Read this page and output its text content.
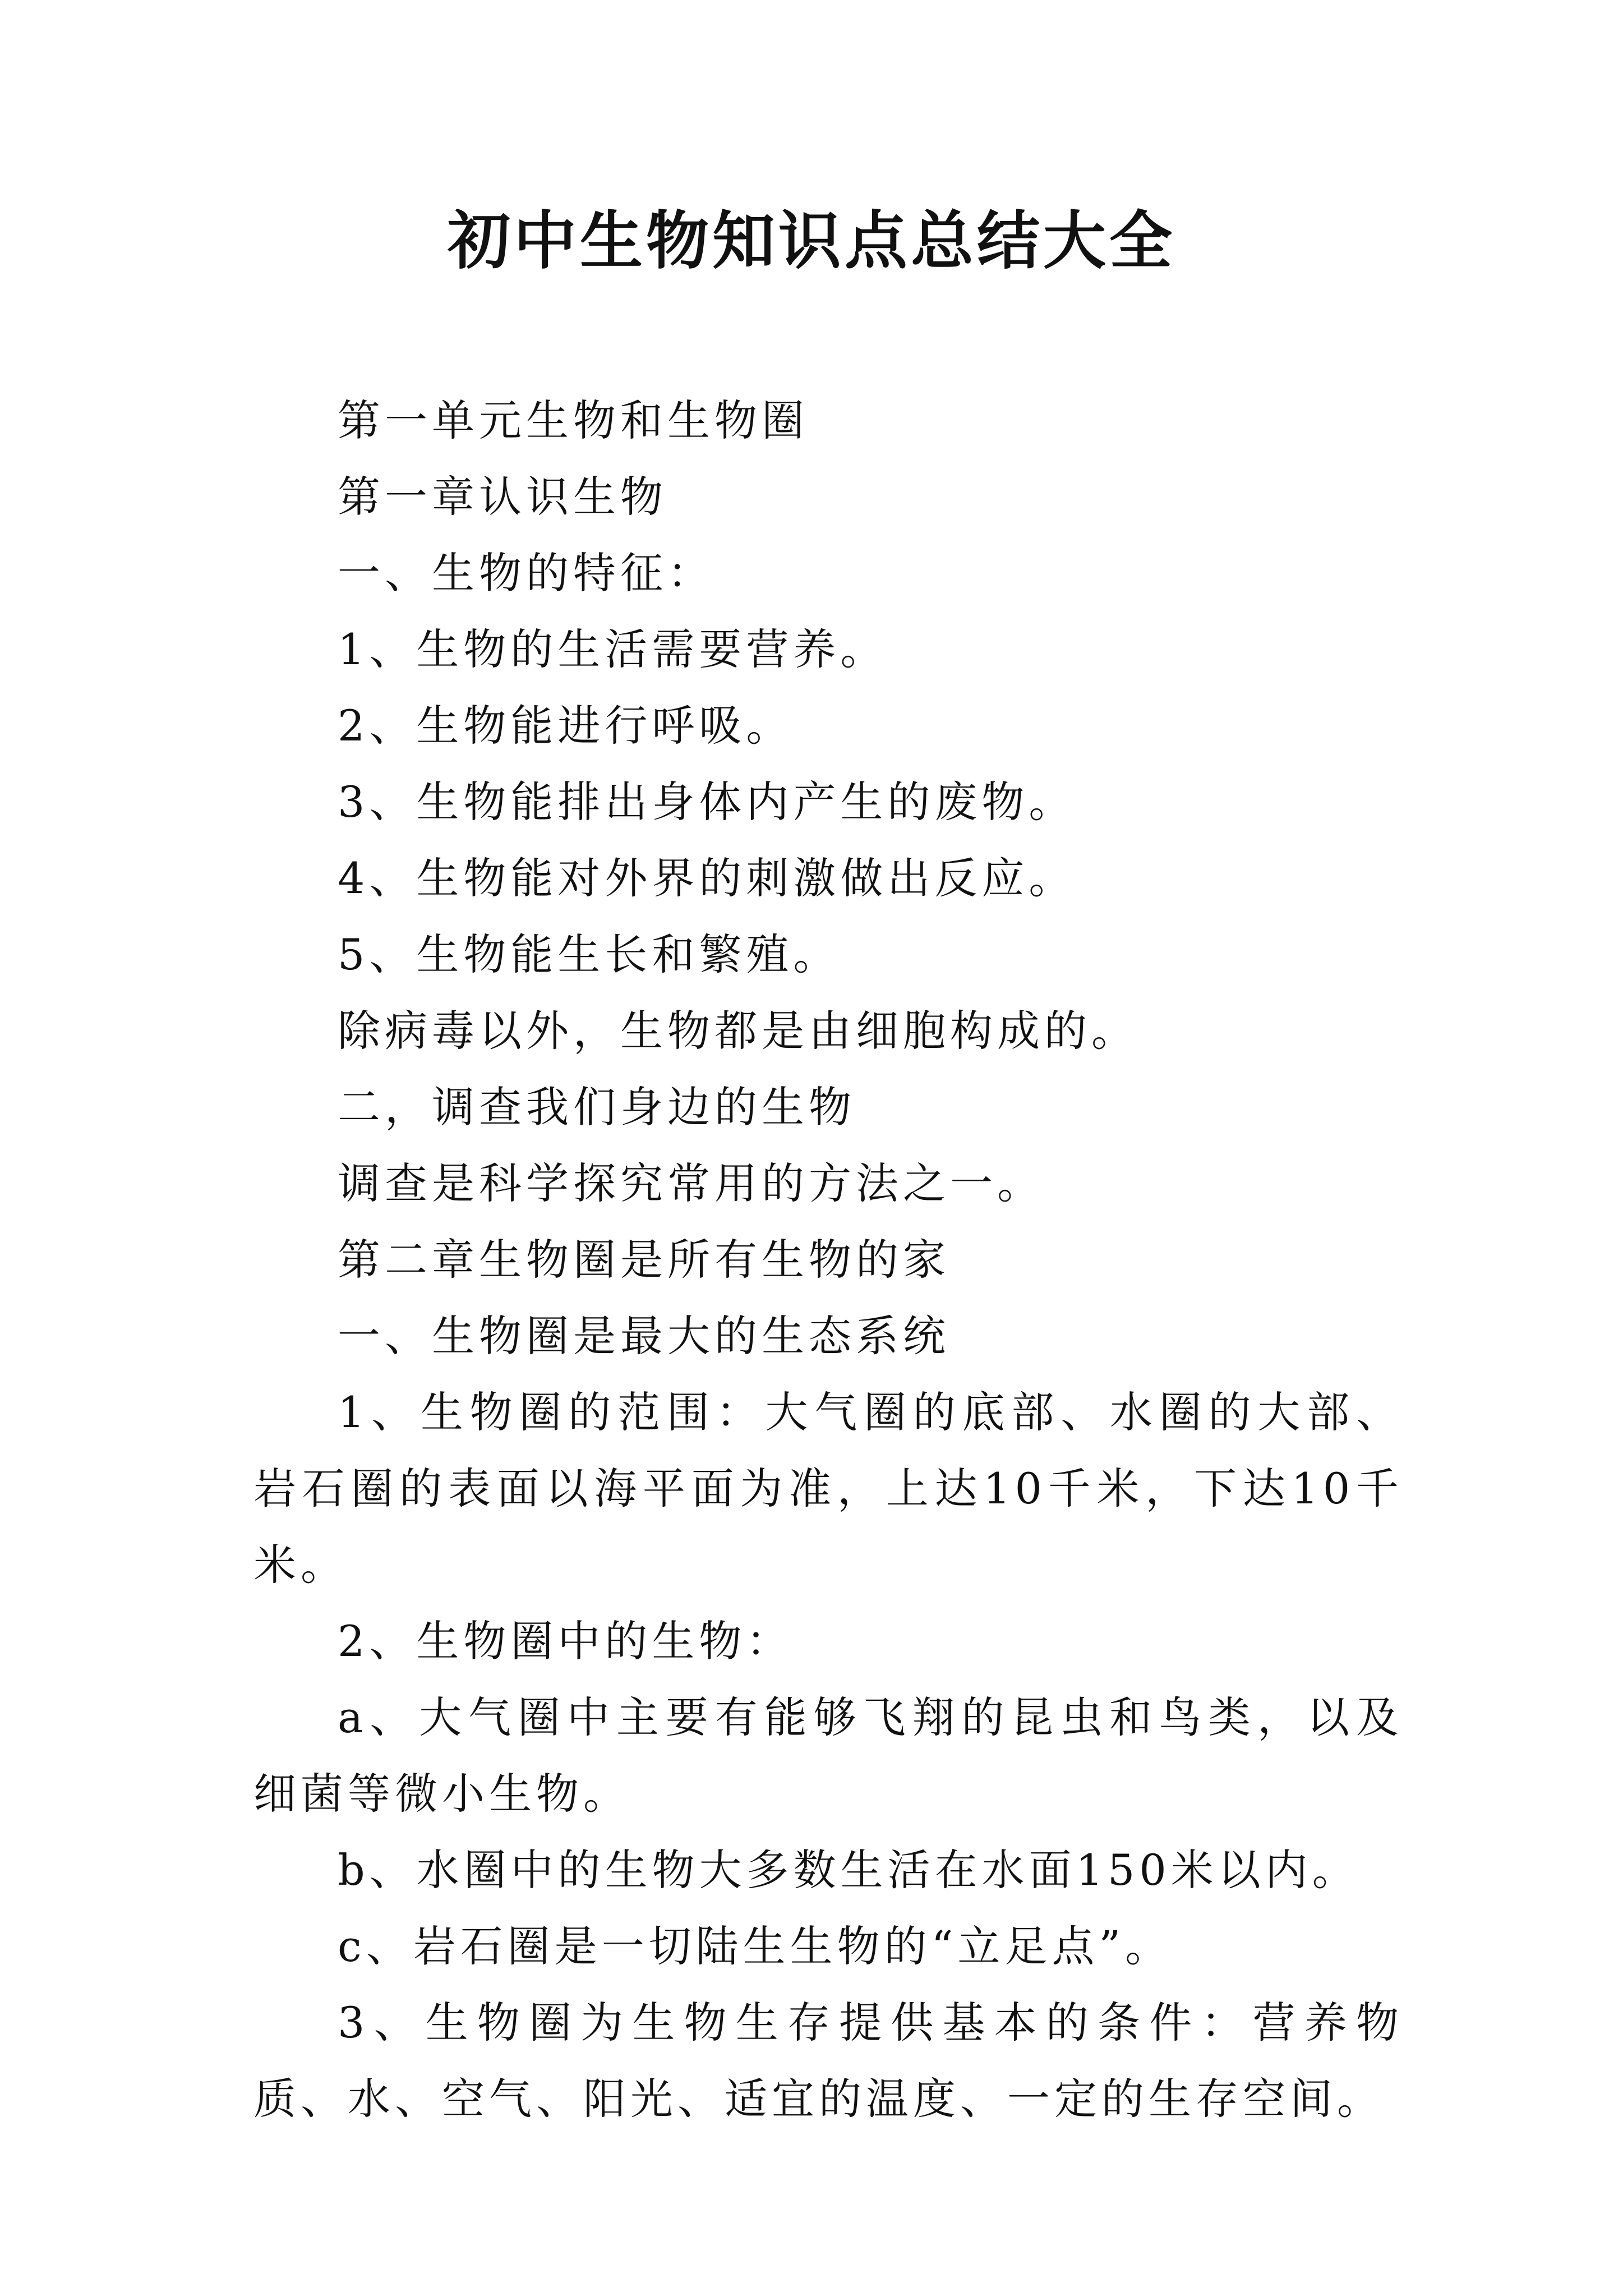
初中生物知识点总结大全

第一单元生物和生物圈

第一章认识生物

一、生物的特征：

1、生物的生活需要营养。

2、生物能进行呼吸。

3、生物能排出身体内产生的废物。

4、生物能对外界的刺激做出反应。

5、生物能生长和繁殖。

除病毒以外，生物都是由细胞构成的。

二，调查我们身边的生物

调查是科学探究常用的方法之一。

第二章生物圈是所有生物的家

一、生物圈是最大的生态系统

1、生物圈的范围：大气圈的底部、水圈的大部、岩石圈的表面以海平面为准，上达10千米，下达10千米。

2、生物圈中的生物：

a、大气圈中主要有能够飞翔的昆虫和鸟类，以及细菌等微小生物。

b、水圈中的生物大多数生活在水面150米以内。

c、岩石圈是一切陆生生物的“立足点”。

3、生物圈为生物生存提供基本的条件：营养物质、水、空气、阳光、适宜的温度、一定的生存空间。
